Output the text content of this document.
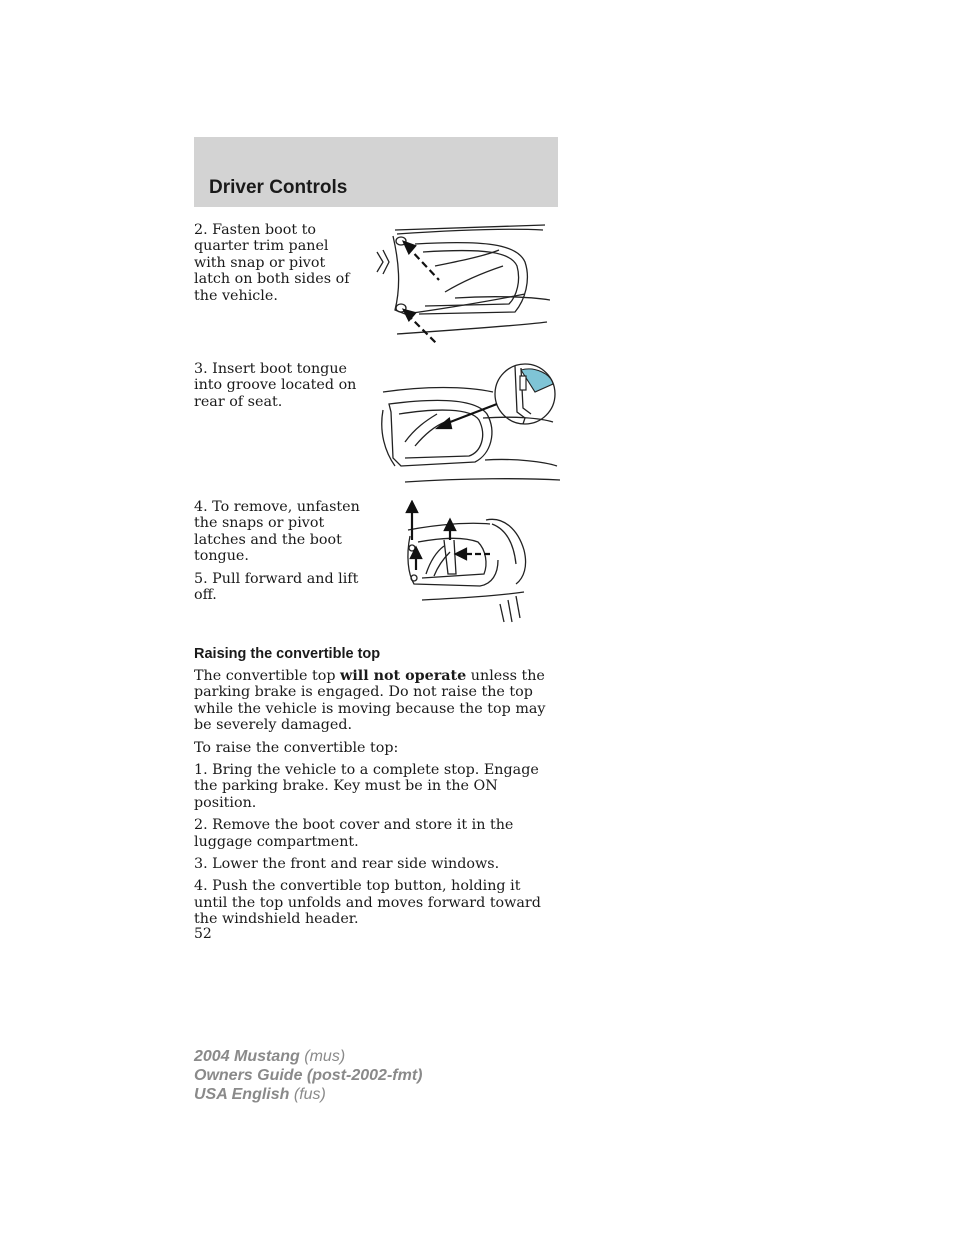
Driver Controls

2. Fasten boot to quarter trim panel with snap or pivot latch on both sides of the vehicle.

3. Insert boot tongue into groove located on rear of seat.

4. To remove, unfasten the snaps or pivot latches and the boot tongue.

5. Pull forward and lift off.

Raising the convertible top

The convertible top will not operate unless the parking brake is engaged. Do not raise the top while the vehicle is moving because the top may be severely damaged.

To raise the convertible top:

1. Bring the vehicle to a complete stop. Engage the parking brake. Key must be in the ON position.

2. Remove the boot cover and store it in the luggage compartment.

3. Lower the front and rear side windows.

4. Push the convertible top button, holding it until the top unfolds and moves forward toward the windshield header.

52

2004 Mustang (mus)
Owners Guide (post-2002-fmt)
USA English (fus)
